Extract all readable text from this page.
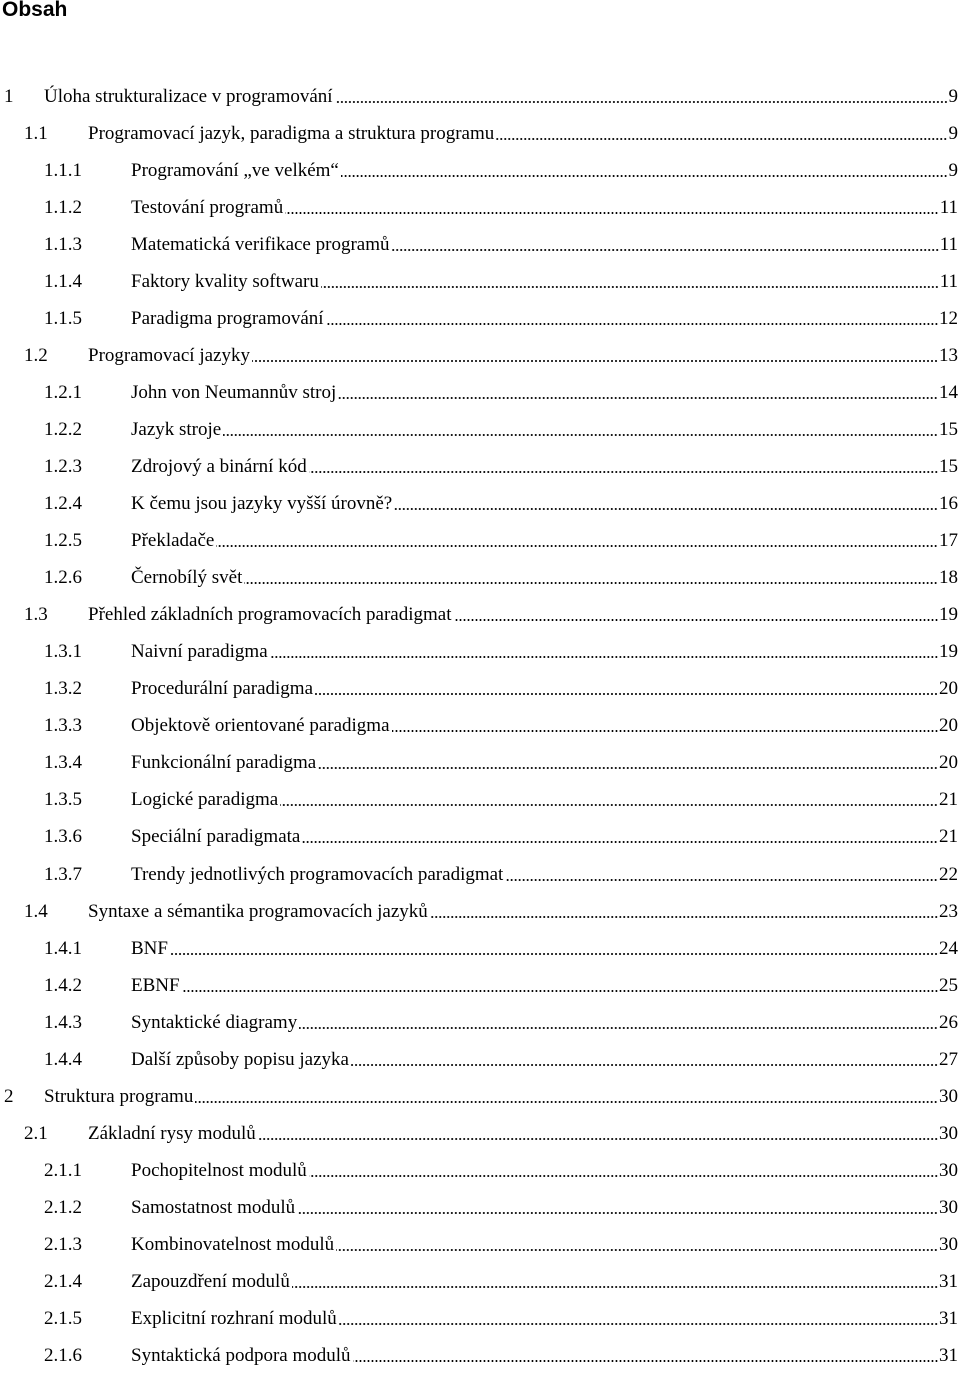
Obsah
1 Úloha strukturalizace v programování	9
1.1 Programovací jazyk, paradigma a struktura programu	9
1.1.1	Programování „ve velkém“	9
1.1.2	Testování programů	11
1.1.3	Matematická verifikace programů	11
1.1.4	Faktory kvality softwaru	11
1.1.5	Paradigma programování	12
1.2 Programovací jazyky	13
1.2.1	John von Neumannův stroj	14
1.2.2	Jazyk stroje	15
1.2.3	Zdrojový a binární kód	15
1.2.4	K čemu jsou jazyky vyšší úrovně?	16
1.2.5	Překladače	17
1.2.6	Černobílý svět	18
1.3 Přehled základních programovacích paradigmat	19
1.3.1	Naivní paradigma	19
1.3.2	Procedurální paradigma	20
1.3.3	Objektově orientované paradigma	20
1.3.4	Funkcionální paradigma	20
1.3.5	Logické paradigma	21
1.3.6	Speciální paradigmata	21
1.3.7	Trendy jednotlivých programovacích paradigmat	22
1.4 Syntaxe a sémantika programovacích jazyků	23
1.4.1	BNF	24
1.4.2	EBNF	25
1.4.3	Syntaktické diagramy	26
1.4.4	Další způsoby popisu jazyka	27
2 Struktura programu	30
2.1 Základní rysy modulů	30
2.1.1	Pochopitelnost modulů	30
2.1.2	Samostatnost modulů	30
2.1.3	Kombinovatelnost modulů	30
2.1.4	Zapouzdření modulů	31
2.1.5	Explicitní rozhraní modulů	31
2.1.6	Syntaktická podpora modulů	31
